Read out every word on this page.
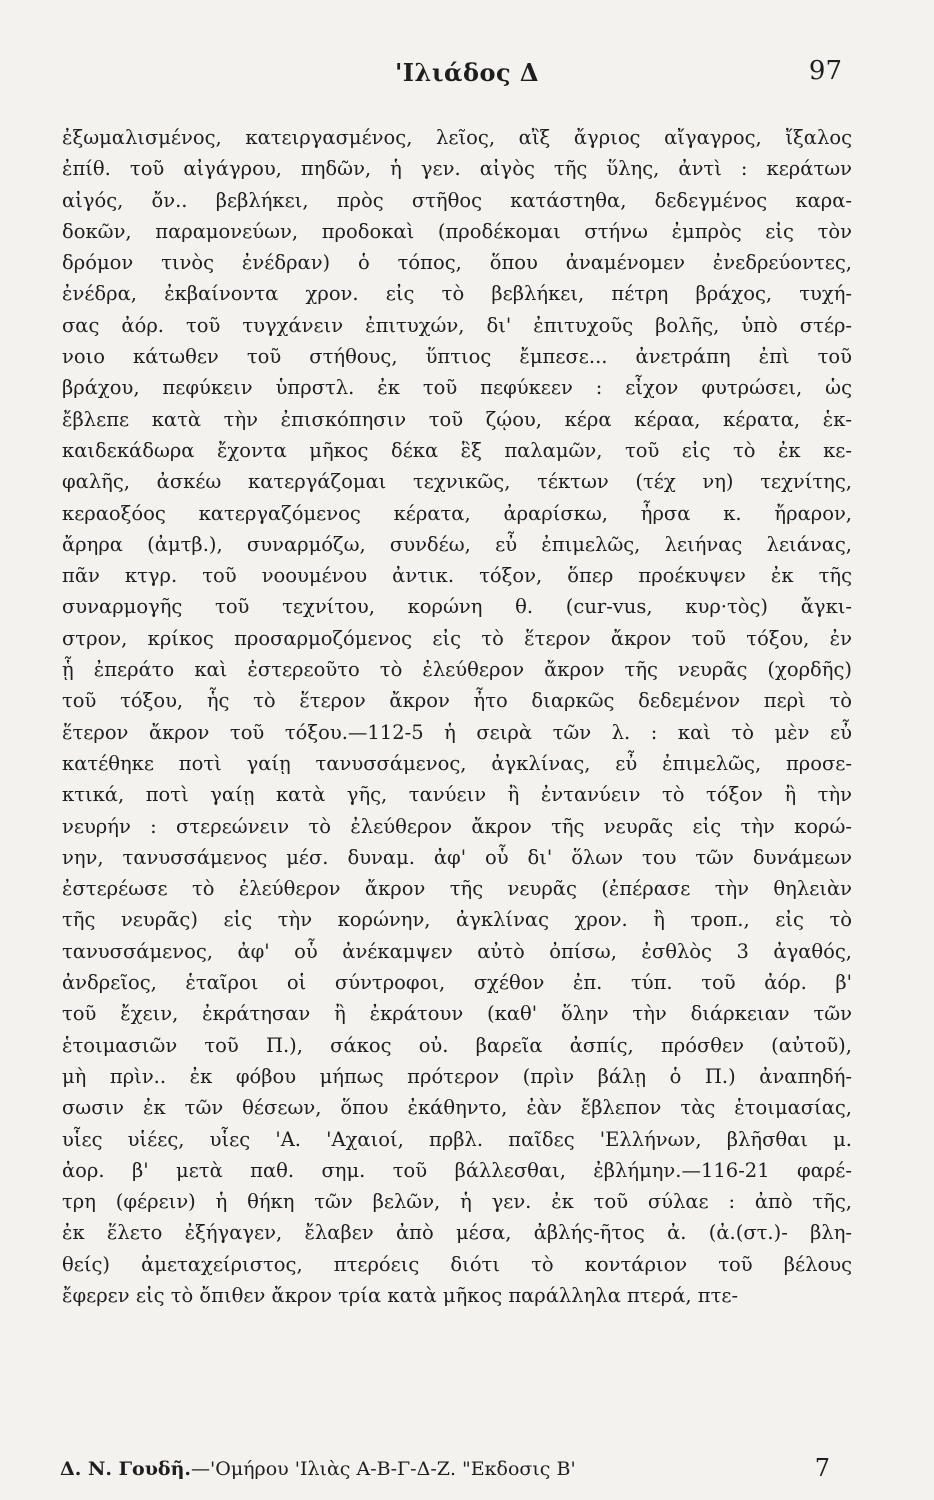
'Ιλιάδος Δ	97
ἐξωμαλισμένος, κατειργασμένος, λεῖος, αἲξ ἄγριος αἴγαγρος, ἴξαλος
ἐπίθ. τοῦ αἰγάγρου, πηδῶν, ἡ γεν. αἰγὸς τῆς ὕλης, ἀντὶ : κεράτων
αἰγός, ὄν.. βεβλήκει, πρὸς στῆθος κατάστηθα, δεδεγμένος καρα-
δοκῶν, παραμονεύων, προδοκαὶ (προδέκομαι στήνω ἐμπρὸς εἰς τὸν
δρόμον τινὸς ἐνέδραν) ὁ τόπος, ὅπου ἀναμένομεν ἐνεδρεύοντες,
ἐνέδρα, ἐκβαίνοντα χρον. εἰς τὸ βεβλήκει, πέτρη βράχος, τυχή-
σας ἀόρ. τοῦ τυγχάνειν ἐπιτυχών, δι' ἐπιτυχοῦς βολῆς, ὑπὸ στέρ-
νοιο κάτωθεν τοῦ στήθους, ὕπτιος ἔμπεσε... ἀνετράπη ἐπὶ τοῦ
βράχου, πεφύκειν ὑπρστλ. ἐκ τοῦ πεφύκεεν : εἶχον φυτρώσει, ὡς
ἔβλεπε κατὰ τὴν ἐπισκόπησιν τοῦ ζῴου, κέρα κέραα, κέρατα, ἑκ-
καιδεκάδωρα ἔχοντα μῆκος δέκα ἓξ παλαμῶν, τοῦ εἰς τὸ ἐκ κε-
φαλῆς, ἀσκέω κατεργάζομαι τεχνικῶς, τέκτων (τέχ νη) τεχνίτης,
κεραοξόος κατεργαζόμενος κέρατα, ἀραρίσκω, ἦρσα κ. ἤραρον,
ἄρηρα (ἀμτβ.), συναρμόζω, συνδέω, εὖ ἐπιμελῶς, λειήνας λειάνας,
πᾶν κτγρ. τοῦ νοουμένου ἀντικ. τόξον, ὅπερ προέκυψεν ἐκ τῆς
συναρμογῆς τοῦ τεχνίτου, κορώνη θ. (cur-vus, κυρ·τὸς) ἄγκι-
στρον, κρίκος προσαρμοζόμενος εἰς τὸ ἕτερον ἄκρον τοῦ τόξου, ἐν
ᾗ ἐπεράτο καὶ ἐστερεοῦτο τὸ ἐλεύθερον ἄκρον τῆς νευρᾶς (χορδῆς)
τοῦ τόξου, ἧς τὸ ἕτερον ἄκρον ἦτο διαρκῶς δεδεμένον περὶ τὸ
ἕτερον ἄκρον τοῦ τόξου.—112-5 ἡ σειρὰ τῶν λ. : καὶ τὸ μὲν εὖ
κατέθηκε ποτὶ γαίῃ τανυσσάμενος, ἀγκλίνας, εὖ ἐπιμελῶς, προσε-
κτικά, ποτὶ γαίῃ κατὰ γῆς, τανύειν ἢ ἐντανύειν τὸ τόξον ἢ τὴν
νευρήν : στερεώνειν τὸ ἐλεύθερον ἄκρον τῆς νευρᾶς εἰς τὴν κορώ-
νην, τανυσσάμενος μέσ. δυναμ. ἀφ' οὗ δι' ὅλων του τῶν δυνάμεων
ἐστερέωσε τὸ ἐλεύθερον ἄκρον τῆς νευρᾶς (ἐπέρασε τὴν θηλειὰν
τῆς νευρᾶς) εἰς τὴν κορώνην, ἀγκλίνας χρον. ἢ τροπ., εἰς τὸ
τανυσσάμενος, ἀφ' οὗ ἀνέκαμψεν αὐτὸ ὀπίσω, ἐσθλὸς 3 ἀγαθός,
ἀνδρεῖος, ἑταῖροι οἱ σύντροφοι, σχέθον ἐπ. τύπ. τοῦ ἀόρ. β'
τοῦ ἔχειν, ἐκράτησαν ἢ ἐκράτουν (καθ' ὅλην τὴν διάρκειαν τῶν
ἑτοιμασιῶν τοῦ Π.), σάκος οὐ. βαρεῖα ἀσπίς, πρόσθεν (αὐτοῦ),
μὴ πρὶν.. ἐκ φόβου μήπως πρότερον (πρὶν βάλῃ ὁ Π.) ἀναπηδή-
σωσιν ἐκ τῶν θέσεων, ὅπου ἐκάθηντο, ἐὰν ἔβλεπον τὰς ἑτοιμασίας,
υἷες υἱέες, υἷες 'Α. 'Αχαιοί, πρβλ. παῖδες 'Ελλήνων, βλῆσθαι μ.
ἀορ. β' μετὰ παθ. σημ. τοῦ βάλλεσθαι, ἐβλήμην.—116-21 φαρέ-
τρη (φέρειν) ἡ θήκη τῶν βελῶν, ἡ γεν. ἐκ τοῦ σύλαε : ἀπὸ τῆς,
ἐκ ἕλετο ἐξήγαγεν, ἔλαβεν ἀπὸ μέσα, ἀβλής-ῆτος ἀ. (ἀ.(στ.)- βλη-
θείς) ἀμεταχείριστος, πτερόεις διότι τὸ κοντάριον τοῦ βέλους
ἔφερεν εἰς τὸ ὄπιθεν ἄκρον τρία κατὰ μῆκος παράλληλα πτερά, πτε-
Δ. Ν. Γουδῆ.—'Ομήρου 'Ιλιὰς Α-Β-Γ-Δ-Ζ. "Εκδοσις Β'	7
